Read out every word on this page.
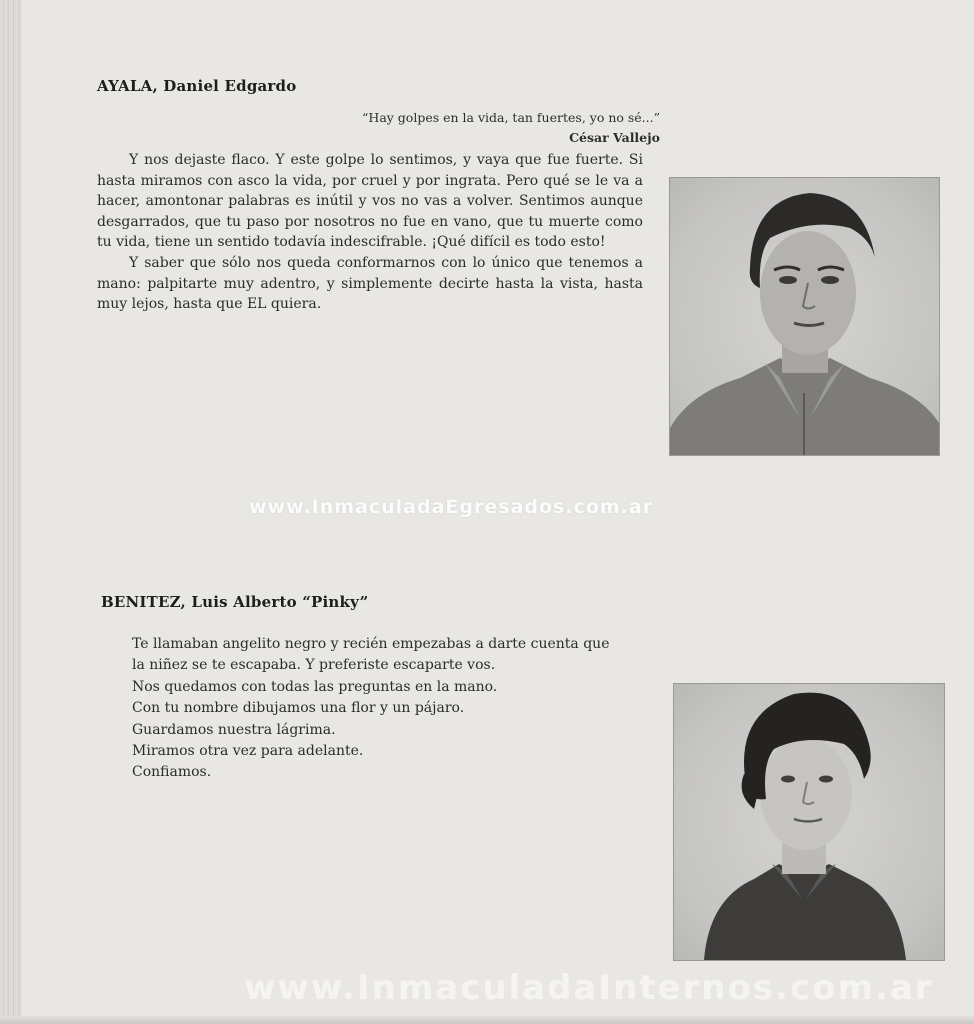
AYALA, Daniel Edgardo
“Hay golpes en la vida, tan fuertes, yo no sé...”
César Vallejo

Y nos dejaste flaco. Y este golpe lo sentimos, y vaya que fue fuerte. Si hasta miramos con asco la vida, por cruel y por ingrata. Pero qué se le va a hacer, amontonar palabras es inútil y vos no vas a volver. Sentimos aunque desgarrados, que tu paso por nosotros no fue en vano, que tu muerte como tu vida, tiene un sentido todavía indescifrable. ¡Qué difícil es todo esto!

Y saber que sólo nos queda conformarnos con lo único que tenemos a mano: palpitarte muy adentro, y simplemente decirte hasta la vista, hasta muy lejos, hasta que EL quiera.

www.InmaculadaEgresados.com.ar
BENITEZ, Luis Alberto “Pinky”
Te llamaban angelito negro y recién empezabas a darte cuenta que
la niñez se te escapaba. Y preferiste escaparte vos.
Nos quedamos con todas las preguntas en la mano.
Con tu nombre dibujamos una flor y un pájaro.
Guardamos nuestra lágrima.
Miramos otra vez para adelante.
Confiamos.
www.InmaculadaInternos.com.ar
